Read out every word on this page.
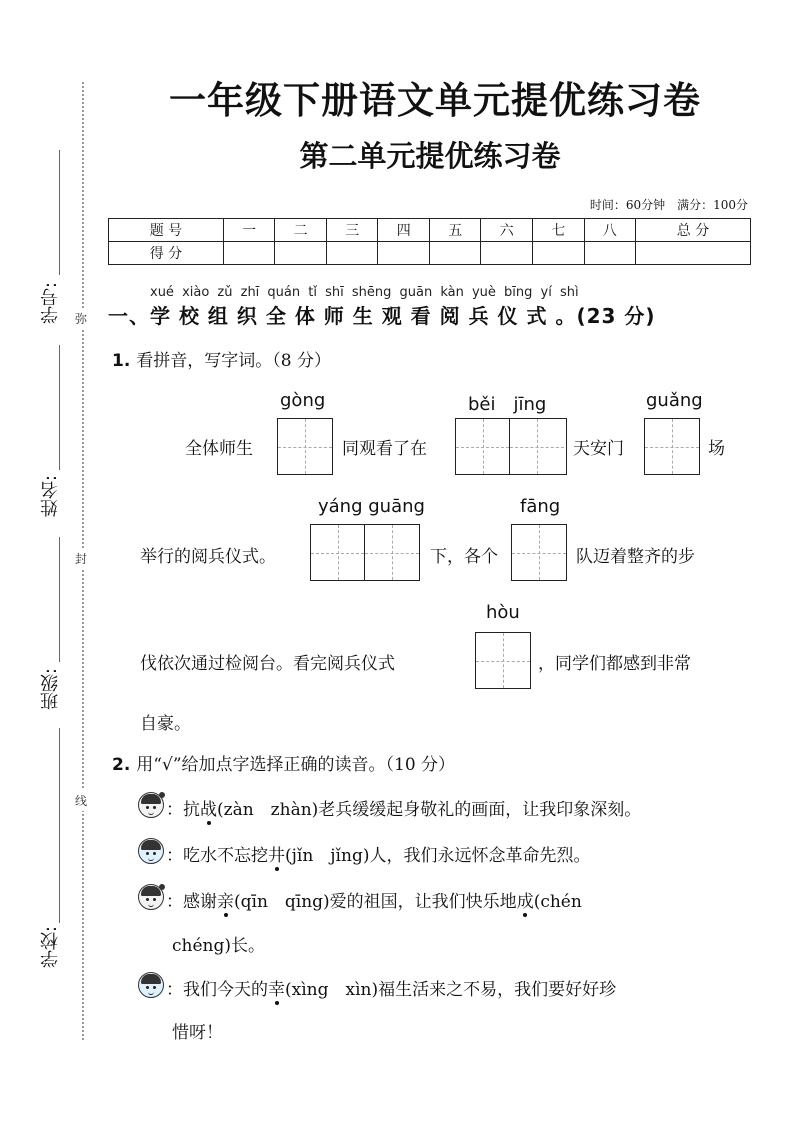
学号:
姓名:
班级:
学校:
弥
封
线
一年级下册语文单元提优练习卷
第二单元提优练习卷
时间：60分钟　满分：100分
题 号	一	二	三	四	五	六	七	八	总 分
得 分									
xué xiào zǔ zhī quán tǐ shī shēng guān kàn yuè bīng yí shì
一、学 校 组 织 全 体 师 生 观 看 阅 兵 仪 式 。(23 分)
1. 看拼音，写字词。（8 分）
gòng	běi　jīng	guǎng
全体师生	同观看了在	天安门	场
yáng guāng	fāng
举行的阅兵仪式。	下，各个	队迈着整齐的步
hòu
伐依次通过检阅台。看完阅兵仪式	，同学们都感到非常
自豪。
2. 用“√”给加点字选择正确的读音。（10 分）
：抗战(zàn　zhàn)老兵缓缓起身敬礼的画面，让我印象深刻。
：吃水不忘挖井(jǐn　jǐng)人，我们永远怀念革命先烈。
：感谢亲(qīn　qīng)爱的祖国，让我们快乐地成(chén
chéng)长。
：我们今天的幸(xìng　xìn)福生活来之不易，我们要好好珍
惜呀！
